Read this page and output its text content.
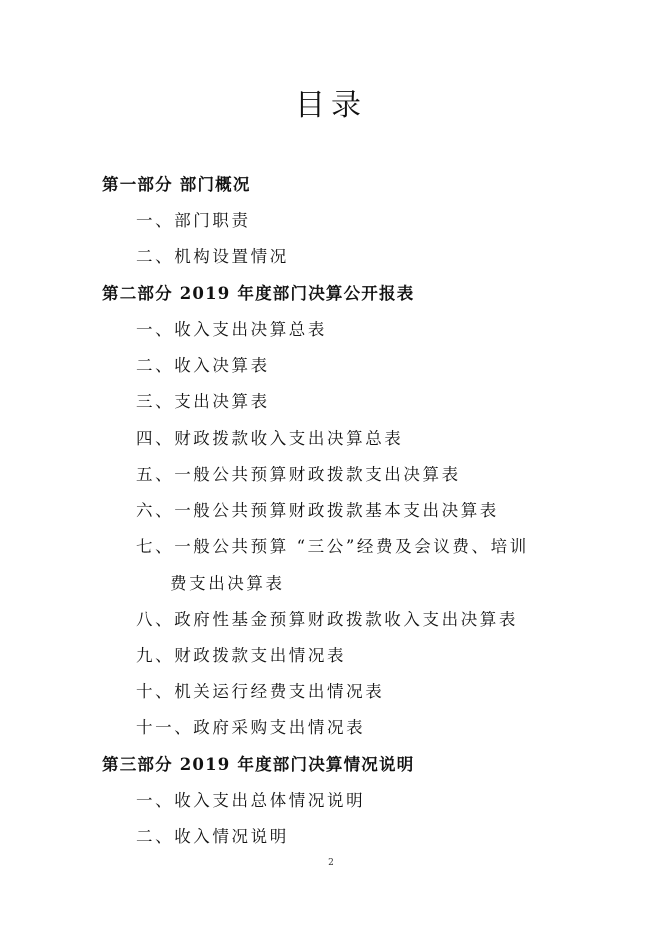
目录
第一部分 部门概况
一、部门职责
二、机构设置情况
第二部分 2019 年度部门决算公开报表
一、收入支出决算总表
二、收入决算表
三、支出决算表
四、财政拨款收入支出决算总表
五、一般公共预算财政拨款支出决算表
六、一般公共预算财政拨款基本支出决算表
七、一般公共预算 “三公”经费及会议费、培训
费支出决算表
八、政府性基金预算财政拨款收入支出决算表
九、财政拨款支出情况表
十、机关运行经费支出情况表
十一、政府采购支出情况表
第三部分 2019 年度部门决算情况说明
一、收入支出总体情况说明
二、收入情况说明
2
